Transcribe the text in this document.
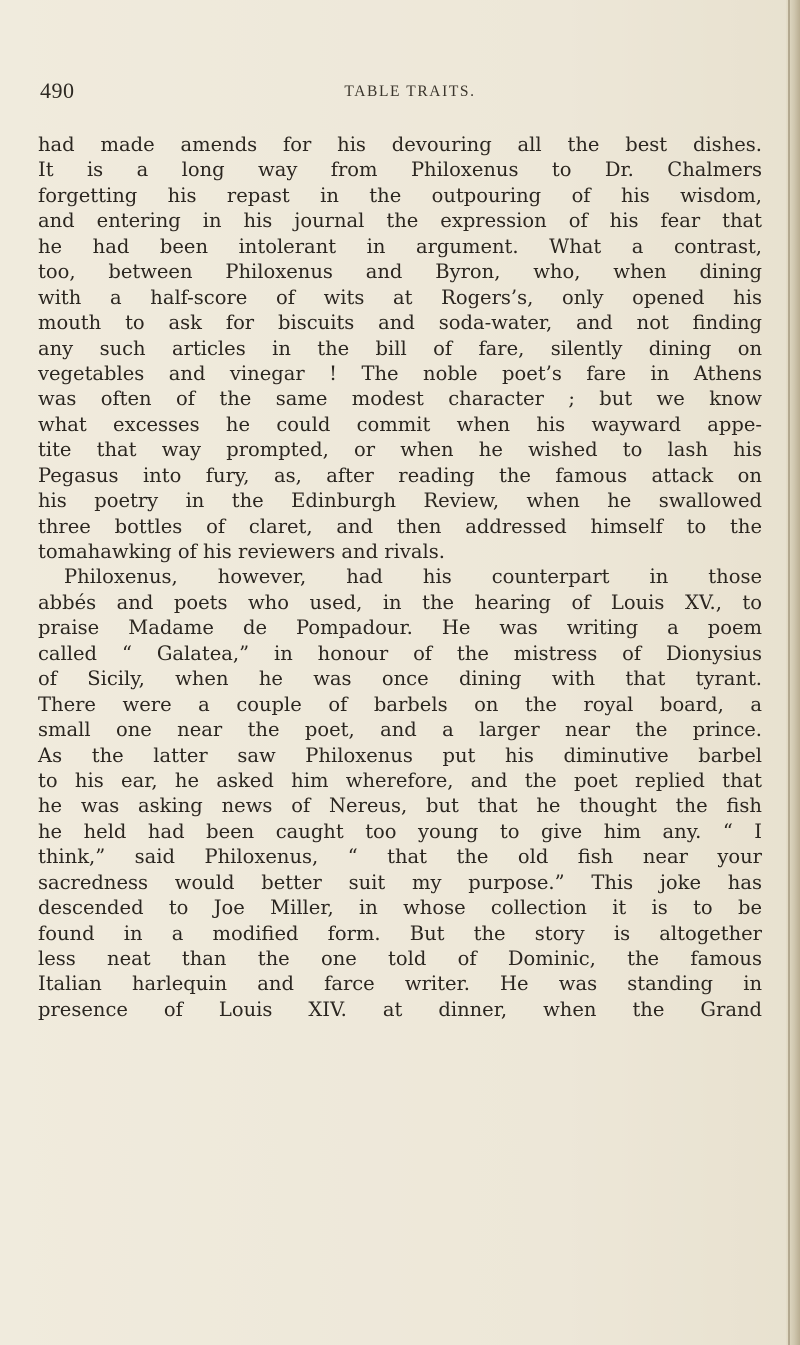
490	TABLE TRAITS.
had made amends for his devouring all the best dishes.
It is a long way from Philoxenus to Dr. Chalmers
forgetting his repast in the outpouring of his wisdom,
and entering in his journal the expression of his fear that
he had been intolerant in argument. What a contrast,
too, between Philoxenus and Byron, who, when dining
with a half-score of wits at Rogers’s, only opened his
mouth to ask for biscuits and soda-water, and not finding
any such articles in the bill of fare, silently dining on
vegetables and vinegar ! The noble poet’s fare in Athens
was often of the same modest character ; but we know
what excesses he could commit when his wayward appe-
tite that way prompted, or when he wished to lash his
Pegasus into fury, as, after reading the famous attack on
his poetry in the Edinburgh Review, when he swallowed
three bottles of claret, and then addressed himself to the
tomahawking of his reviewers and rivals.
Philoxenus, however, had his counterpart in those
abbés and poets who used, in the hearing of Louis XV., to
praise Madame de Pompadour. He was writing a poem
called “ Galatea,” in honour of the mistress of Dionysius
of Sicily, when he was once dining with that tyrant.
There were a couple of barbels on the royal board, a
small one near the poet, and a larger near the prince.
As the latter saw Philoxenus put his diminutive barbel
to his ear, he asked him wherefore, and the poet replied that
he was asking news of Nereus, but that he thought the fish
he held had been caught too young to give him any. “ I
think,” said Philoxenus, “ that the old fish near your
sacredness would better suit my purpose.” This joke has
descended to Joe Miller, in whose collection it is to be
found in a modified form. But the story is altogether
less neat than the one told of Dominic, the famous
Italian harlequin and farce writer. He was standing in
presence of Louis XIV. at dinner, when the Grand
